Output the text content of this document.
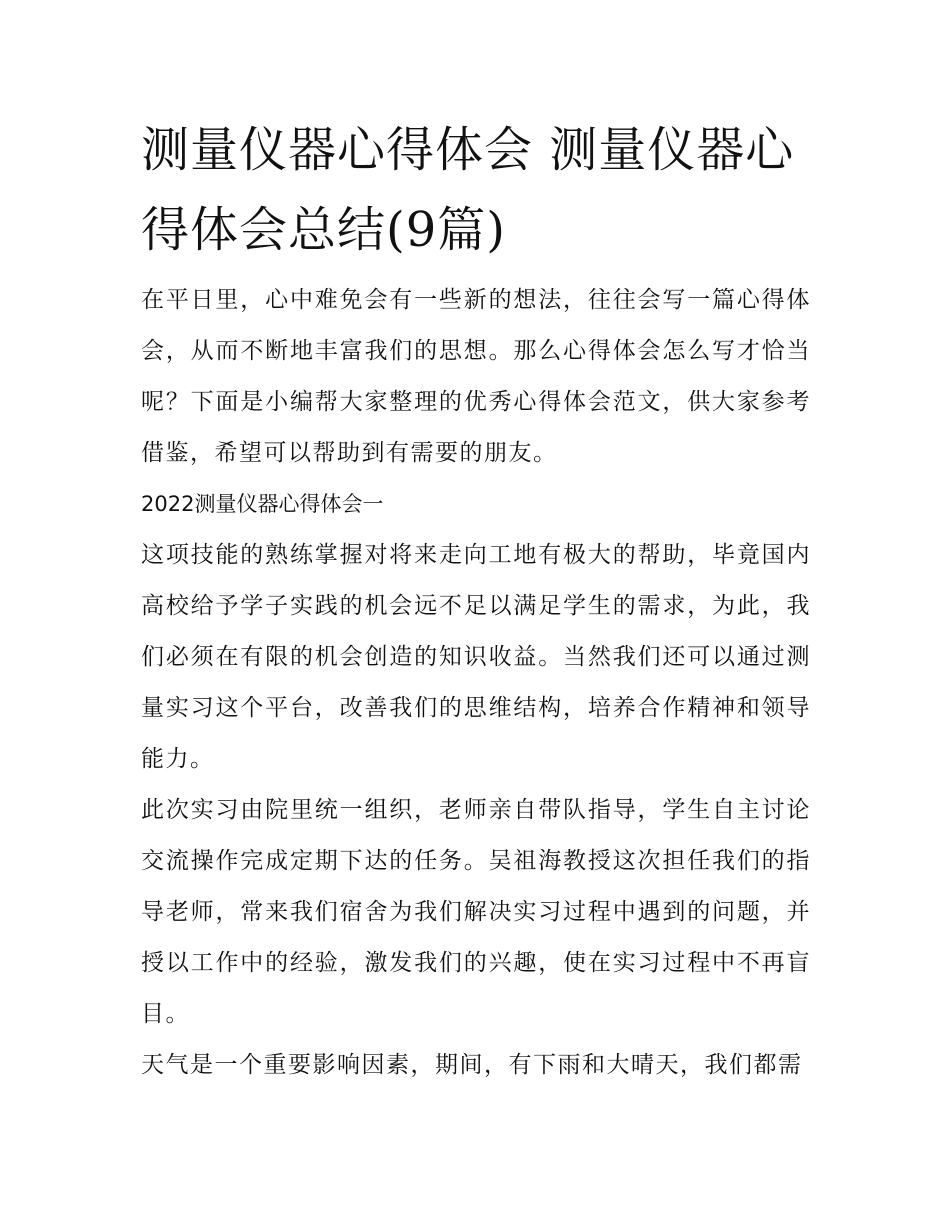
测量仪器心得体会 测量仪器心得体会总结(9篇)

在平日里，心中难免会有一些新的想法，往往会写一篇心得体会，从而不断地丰富我们的思想。那么心得体会怎么写才恰当呢？下面是小编帮大家整理的优秀心得体会范文，供大家参考借鉴，希望可以帮助到有需要的朋友。

2022测量仪器心得体会一

这项技能的熟练掌握对将来走向工地有极大的帮助，毕竟国内高校给予学子实践的机会远不足以满足学生的需求，为此，我们必须在有限的机会创造的知识收益。当然我们还可以通过测量实习这个平台，改善我们的思维结构，培养合作精神和领导能力。

此次实习由院里统一组织，老师亲自带队指导，学生自主讨论交流操作完成定期下达的任务。吴祖海教授这次担任我们的指导老师，常来我们宿舍为我们解决实习过程中遇到的问题，并授以工作中的经验，激发我们的兴趣，使在实习过程中不再盲目。

天气是一个重要影响因素，期间，有下雨和大晴天，我们都需
